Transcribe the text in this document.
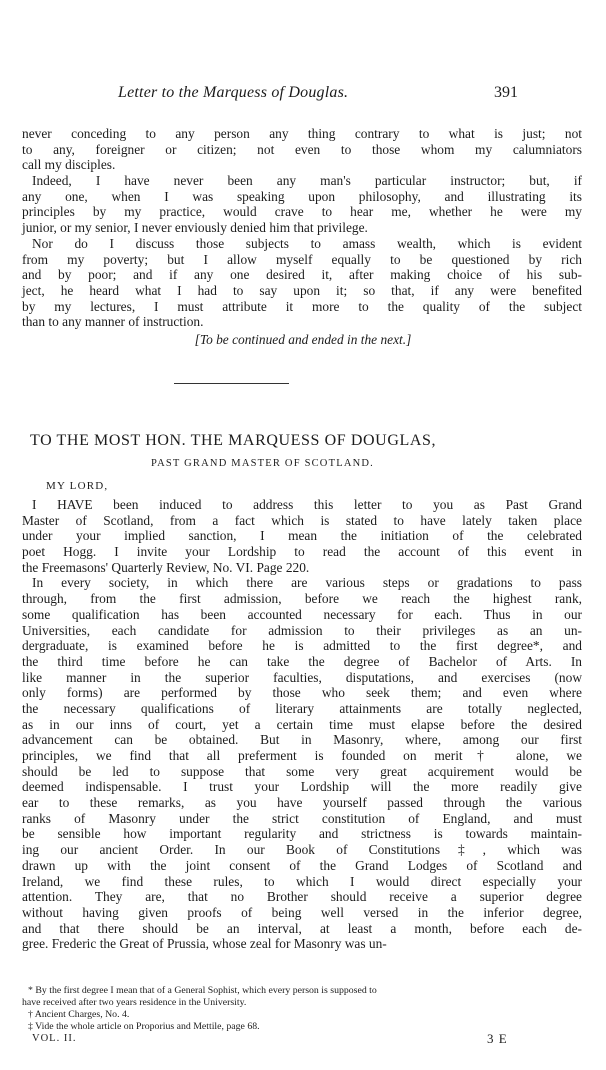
Letter to the Marquess of Douglas.	391
never conceding to any person any thing contrary to what is just; not
to any, foreigner or citizen; not even to those whom my calumniators
call my disciples.
Indeed, I have never been any man's particular instructor; but, if
any one, when I was speaking upon philosophy, and illustrating its
principles by my practice, would crave to hear me, whether he were my
junior, or my senior, I never enviously denied him that privilege.
Nor do I discuss those subjects to amass wealth, which is evident
from my poverty; but I allow myself equally to be questioned by rich
and by poor; and if any one desired it, after making choice of his sub-
ject, he heard what I had to say upon it; so that, if any were benefited
by my lectures, I must attribute it more to the quality of the subject
than to any manner of instruction.
[To be continued and ended in the next.]
TO THE MOST HON. THE MARQUESS OF DOUGLAS,
PAST GRAND MASTER OF SCOTLAND.
MY LORD,
I HAVE been induced to address this letter to you as Past Grand
Master of Scotland, from a fact which is stated to have lately taken place
under your implied sanction, I mean the initiation of the celebrated
poet Hogg. I invite your Lordship to read the account of this event in
the Freemasons' Quarterly Review, No. VI. Page 220.
In every society, in which there are various steps or gradations to pass
through, from the first admission, before we reach the highest rank,
some qualification has been accounted necessary for each. Thus in our
Universities, each candidate for admission to their privileges as an un-
dergraduate, is examined before he is admitted to the first degree*, and
the third time before he can take the degree of Bachelor of Arts. In
like manner in the superior faculties, disputations, and exercises (now
only forms) are performed by those who seek them; and even where
the necessary qualifications of literary attainments are totally neglected,
as in our inns of court, yet a certain time must elapse before the desired
advancement can be obtained. But in Masonry, where, among our first
principles, we find that all preferment is founded on merit† alone, we
should be led to suppose that some very great acquirement would be
deemed indispensable. I trust your Lordship will the more readily give
ear to these remarks, as you have yourself passed through the various
ranks of Masonry under the strict constitution of England, and must
be sensible how important regularity and strictness is towards maintain-
ing our ancient Order. In our Book of Constitutions‡, which was
drawn up with the joint consent of the Grand Lodges of Scotland and
Ireland, we find these rules, to which I would direct especially your
attention. They are, that no Brother should receive a superior degree
without having given proofs of being well versed in the inferior degree,
and that there should be an interval, at least a month, before each de-
gree. Frederic the Great of Prussia, whose zeal for Masonry was un-
* By the first degree I mean that of a General Sophist, which every person is supposed to
have received after two years residence in the University.
† Ancient Charges, No. 4.
‡ Vide the whole article on Proporius and Mettile, page 68.
VOL. II.	3 E
